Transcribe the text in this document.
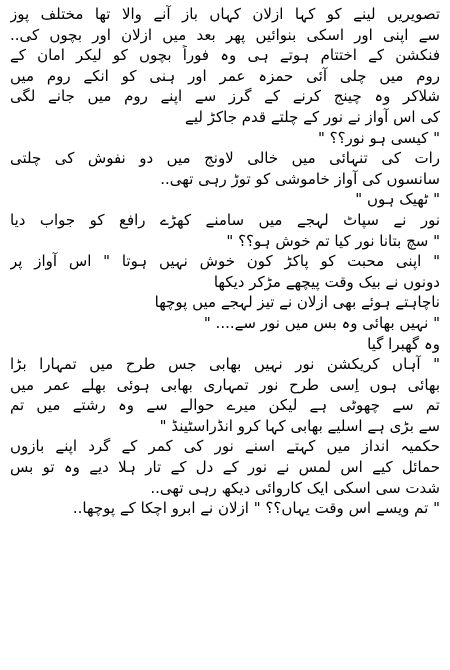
تصویریں لینے کو کہا ازلان کہاں باز آنے والا تھا مختلف پوز
سے اپنی اور اسکی بنوائیں پھر بعد میں ازلان اور بچوں کی..
فنکشن کے اختتام ہوتے ہی وہ فوراً بچوں کو لیکر امان کے
روم میں چلی آئی حمزہ عمر اور ہنی کو انکے روم میں
شلاکر وہ چینج کرنے کے گرز سے اپنے روم میں جانے لگی
کی اس آواز نے نور کے چلتے قدم جاکڑ لیے
" کیسی ہو نور؟؟ "
رات کی تنہائی میں خالی لاونج میں دو نفوش کی چلتی
سانسوں کی آواز خاموشی کو توڑ رہی تھی..
" ٹھیک ہوں "
نور نے سپاٹ لہجے میں سامنے کھڑے رافع کو جواب دیا
" سچ بتانا نور کیا تم خوش ہو؟؟ "
" اپنی محبت کو پاکڑ کون خوش نہیں ہوتا " اس آواز پر
دونوں نے بیک وقت پیچھے مڑکر دیکھا
ناچاہتے ہوئے بھی ازلان نے تیز لہجے میں پوچھا
" نہیں بھائی وہ بس میں نور سے.... "
وہ گھبرا گیا
" آہاں کریکشن نور نہیں بھابی جس طرح میں تمہارا بڑا
بھائی ہوں اِسی طرح نور تمہاری بھابی ہوئی بھلے عمر میں
تم سے چھوٹی ہے لیکن میرے حوالے سے وہ رشتے میں تم
سے بڑی ہے اسلیے بھابی کہا کرو انڈراسٹینڈ "
حکمیہ انداز میں کہتے اسنے نور کی کمر کے گرد اپنے بازوں
حمائل کیے اس لمس نے نور کے دل کے تار ہلا دیے وہ تو بس
شدت سی اسکی ایک کاروائی دیکھ رہی تھی..
" تم ویسے اس وقت یہاں؟؟ " ازلان نے ابرو اچکا کے پوچھا..
